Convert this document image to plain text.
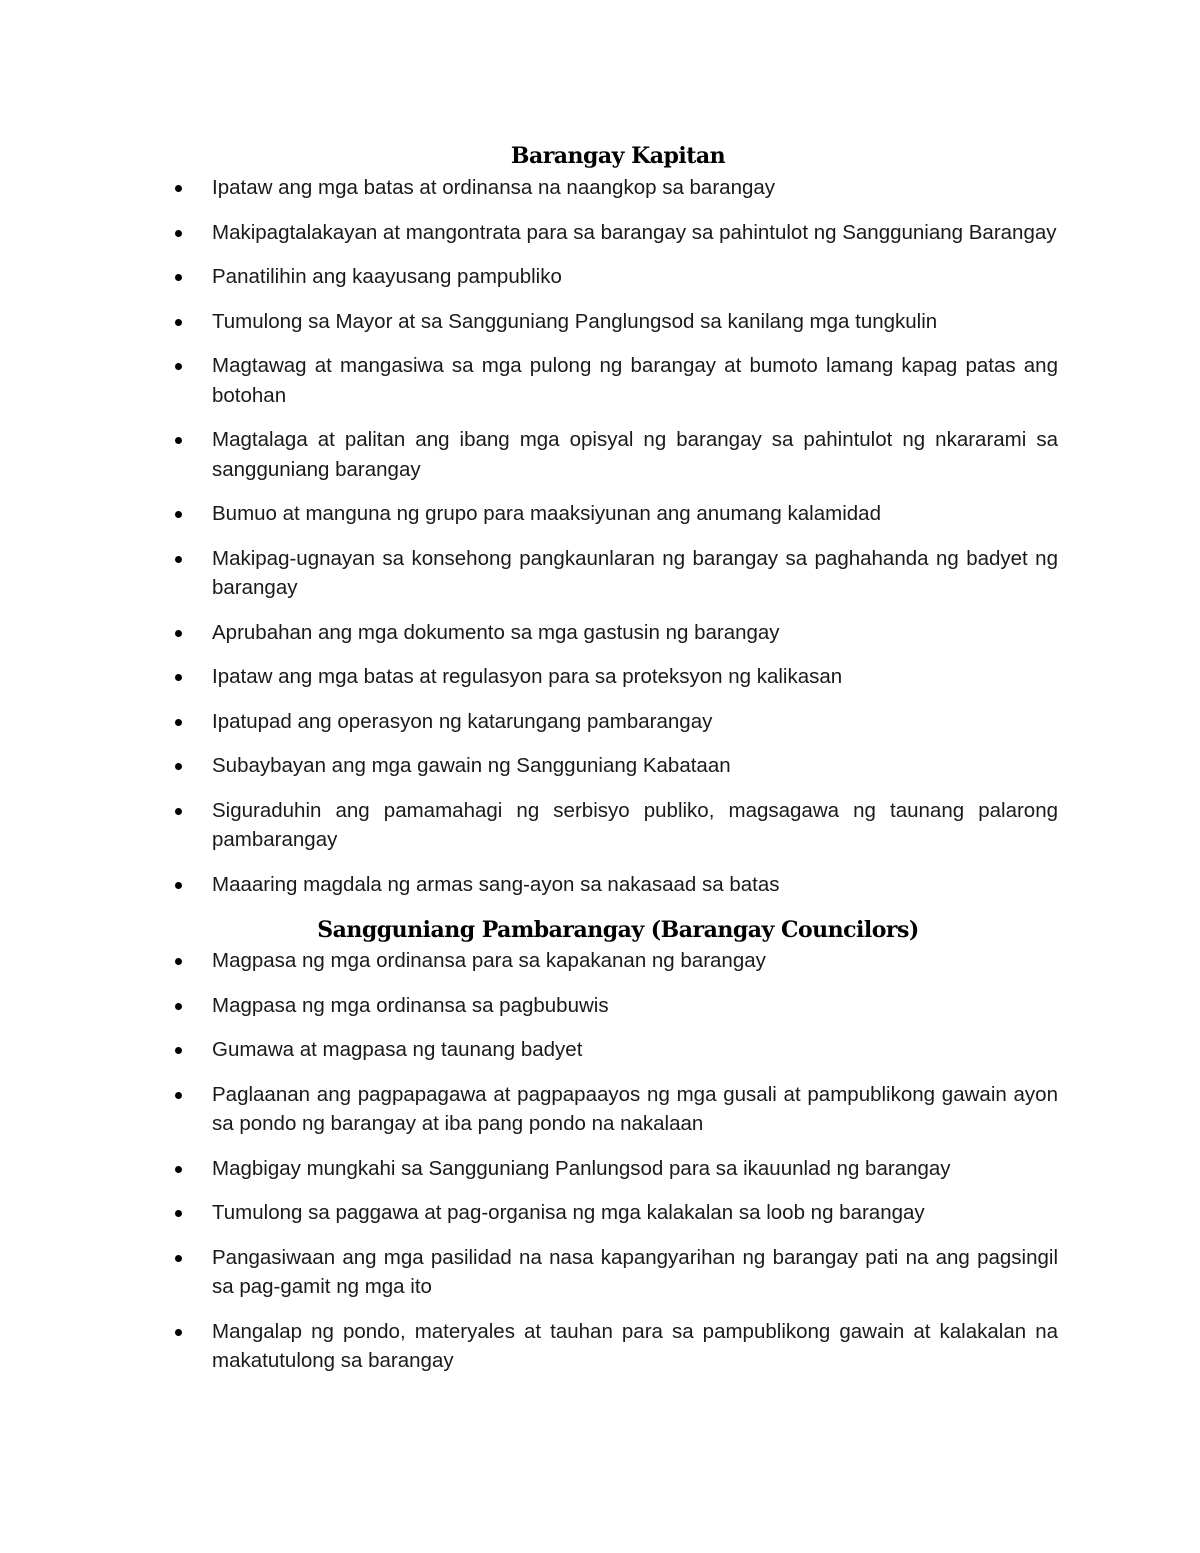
Barangay Kapitan
Ipataw ang mga batas at ordinansa na naangkop sa barangay
Makipagtalakayan at mangontrata para sa barangay sa pahintulot ng Sangguniang Barangay
Panatilihin ang kaayusang pampubliko
Tumulong sa Mayor at sa Sangguniang Panglungsod sa kanilang mga tungkulin
Magtawag at mangasiwa sa mga pulong ng barangay at bumoto lamang kapag patas ang botohan
Magtalaga at palitan ang ibang mga opisyal ng barangay sa pahintulot ng nkararami sa sangguniang barangay
Bumuo at manguna ng grupo para maaksiyunan ang anumang kalamidad
Makipag-ugnayan sa konsehong pangkaunlaran ng barangay sa paghahanda ng badyet ng barangay
Aprubahan ang mga dokumento sa mga gastusin ng barangay
Ipataw ang mga batas at regulasyon para sa proteksyon ng kalikasan
Ipatupad ang operasyon ng katarungang pambarangay
Subaybayan ang mga gawain ng Sangguniang Kabataan
Siguraduhin ang pamamahagi ng serbisyo publiko, magsagawa ng taunang palarong pambarangay
Maaaring magdala ng armas sang-ayon sa nakasaad sa batas
Sangguniang Pambarangay (Barangay Councilors)
Magpasa ng mga ordinansa para sa kapakanan ng barangay
Magpasa ng mga ordinansa sa pagbubuwis
Gumawa at magpasa ng taunang badyet
Paglaanan ang pagpapagawa at pagpapaayos ng mga gusali at pampublikong gawain ayon sa pondo ng barangay at iba pang pondo na nakalaan
Magbigay mungkahi sa Sangguniang Panlungsod para sa ikauunlad ng barangay
Tumulong sa paggawa at pag-organisa ng mga kalakalan sa loob ng barangay
Pangasiwaan ang mga pasilidad na nasa kapangyarihan ng barangay pati na ang pagsingil sa pag-gamit ng mga ito
Mangalap ng pondo, materyales at tauhan para sa pampublikong gawain at kalakalan na makatutulong sa barangay
